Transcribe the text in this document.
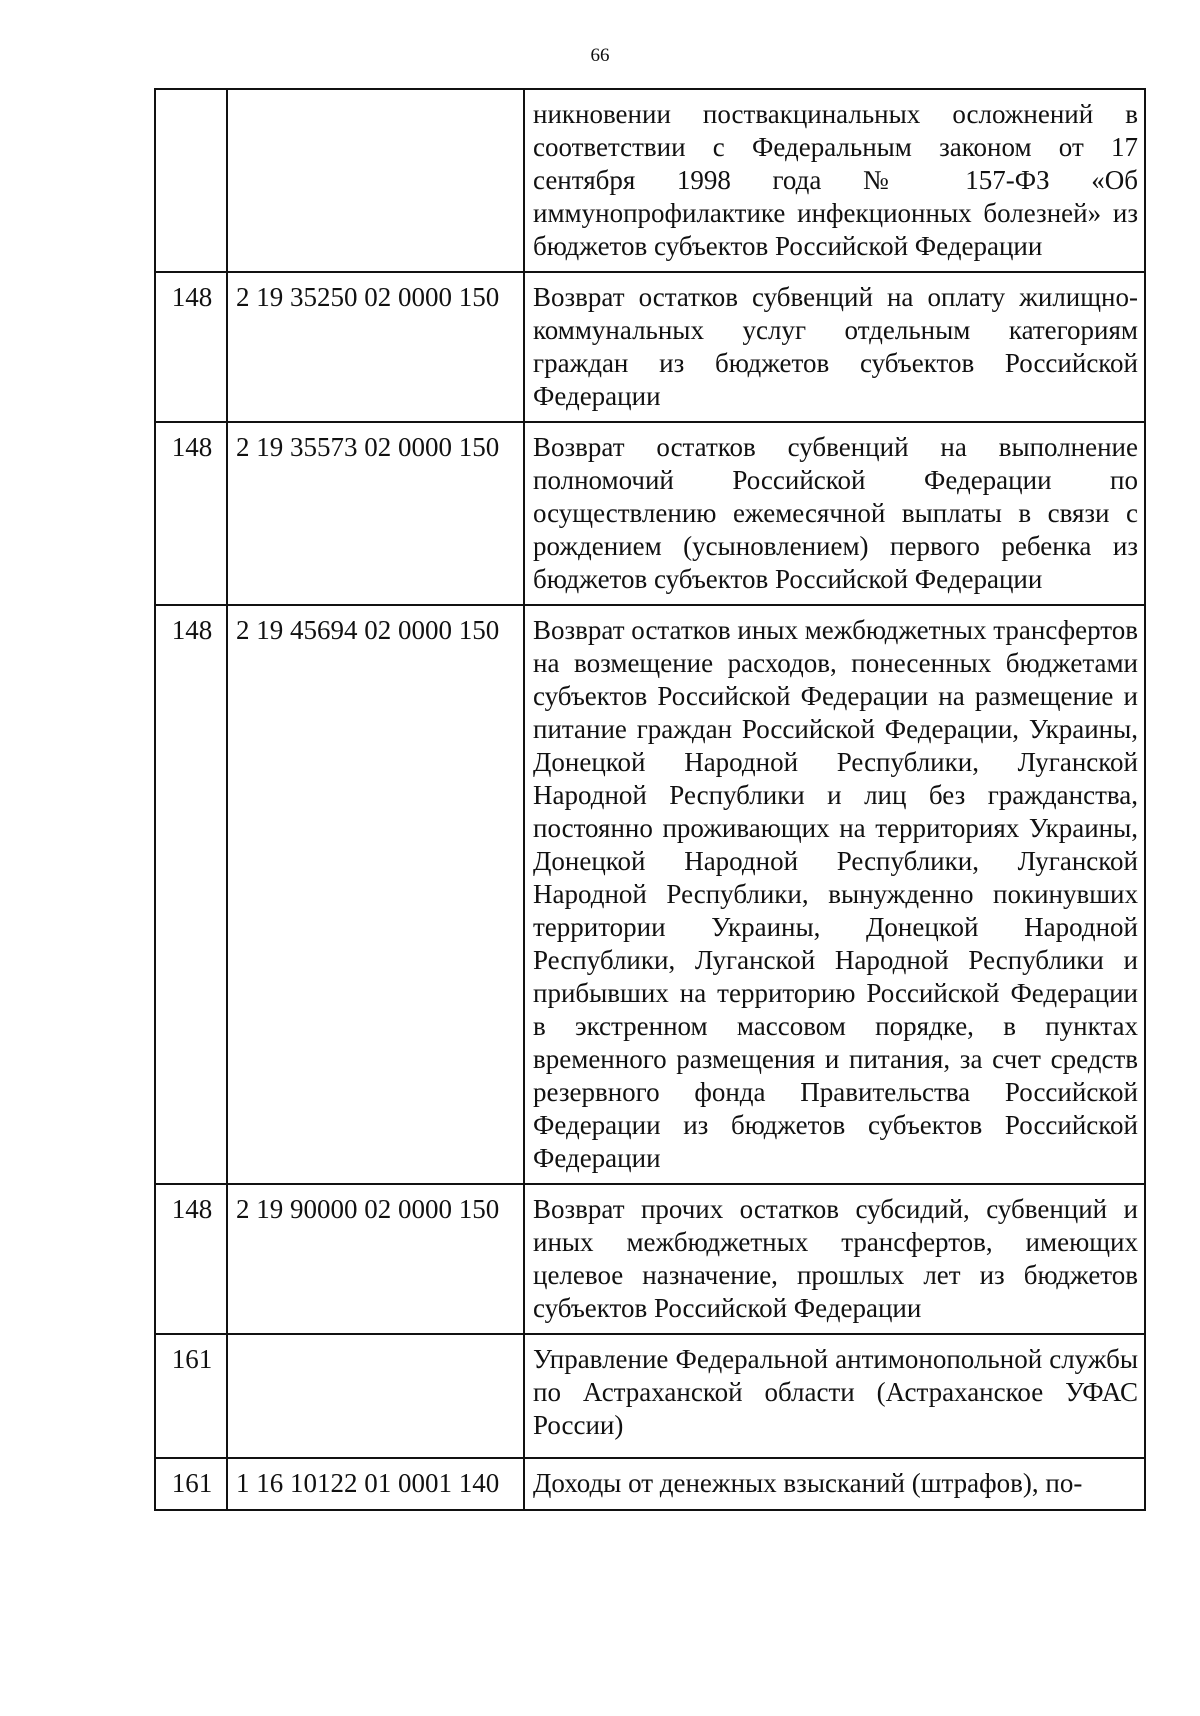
66
		никновении поствакцинальных осложнений в соответствии с Федеральным законом от 17 сентября 1998 года № 157-ФЗ «Об иммунопрофилактике инфекционных болезней» из бюджетов субъектов Российской Федерации
148	2 19 35250 02 0000 150	Возврат остатков субвенций на оплату жилищно-коммунальных услуг отдельным категориям граждан из бюджетов субъектов Российской Федерации
148	2 19 35573 02 0000 150	Возврат остатков субвенций на выполнение полномочий Российской Федерации по осуществлению ежемесячной выплаты в связи с рождением (усыновлением) первого ребенка из бюджетов субъектов Российской Федерации
148	2 19 45694 02 0000 150	Возврат остатков иных межбюджетных трансфертов на возмещение расходов, понесенных бюджетами субъектов Российской Федерации на размещение и питание граждан Российской Федерации, Украины, Донецкой Народной Республики, Луганской Народной Республики и лиц без гражданства, постоянно проживающих на территориях Украины, Донецкой Народной Республики, Луганской Народной Республики, вынужденно покинувших территории Украины, Донецкой Народной Республики, Луганской Народной Республики и прибывших на территорию Российской Федерации в экстренном массовом порядке, в пунктах временного размещения и питания, за счет средств резервного фонда Правительства Российской Федерации из бюджетов субъектов Российской Федерации
148	2 19 90000 02 0000 150	Возврат прочих остатков субсидий, субвенций и иных межбюджетных трансфертов, имеющих целевое назначение, прошлых лет из бюджетов субъектов Российской Федерации
161		Управление Федеральной антимонопольной службы по Астраханской области (Астраханское УФАС России)
161	1 16 10122 01 0001 140	Доходы от денежных взысканий (штрафов), по-
